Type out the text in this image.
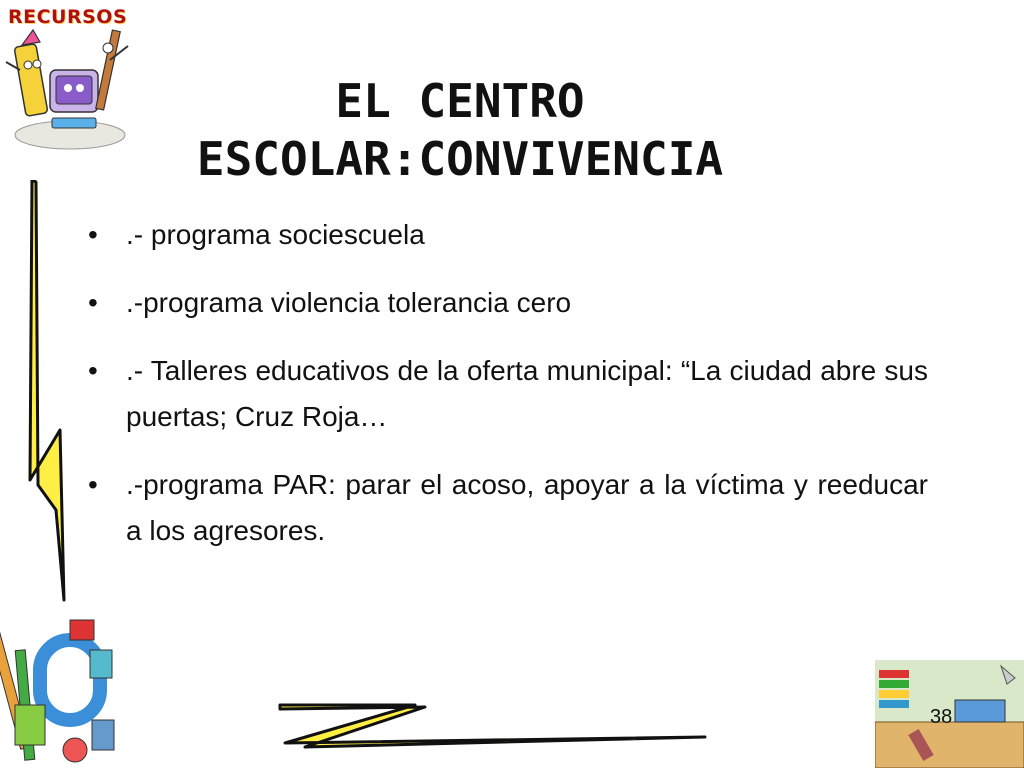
RECURSOS
EL CENTRO
ESCOLAR:CONVIVENCIA
• .- programa sociescuela
• .-programa violencia tolerancia cero
• .- Talleres educativos de la oferta municipal: “La ciudad abre sus puertas; Cruz Roja…
• .-programa PAR: parar el acoso, apoyar a la víctima y reeducar a los agresores.
38
